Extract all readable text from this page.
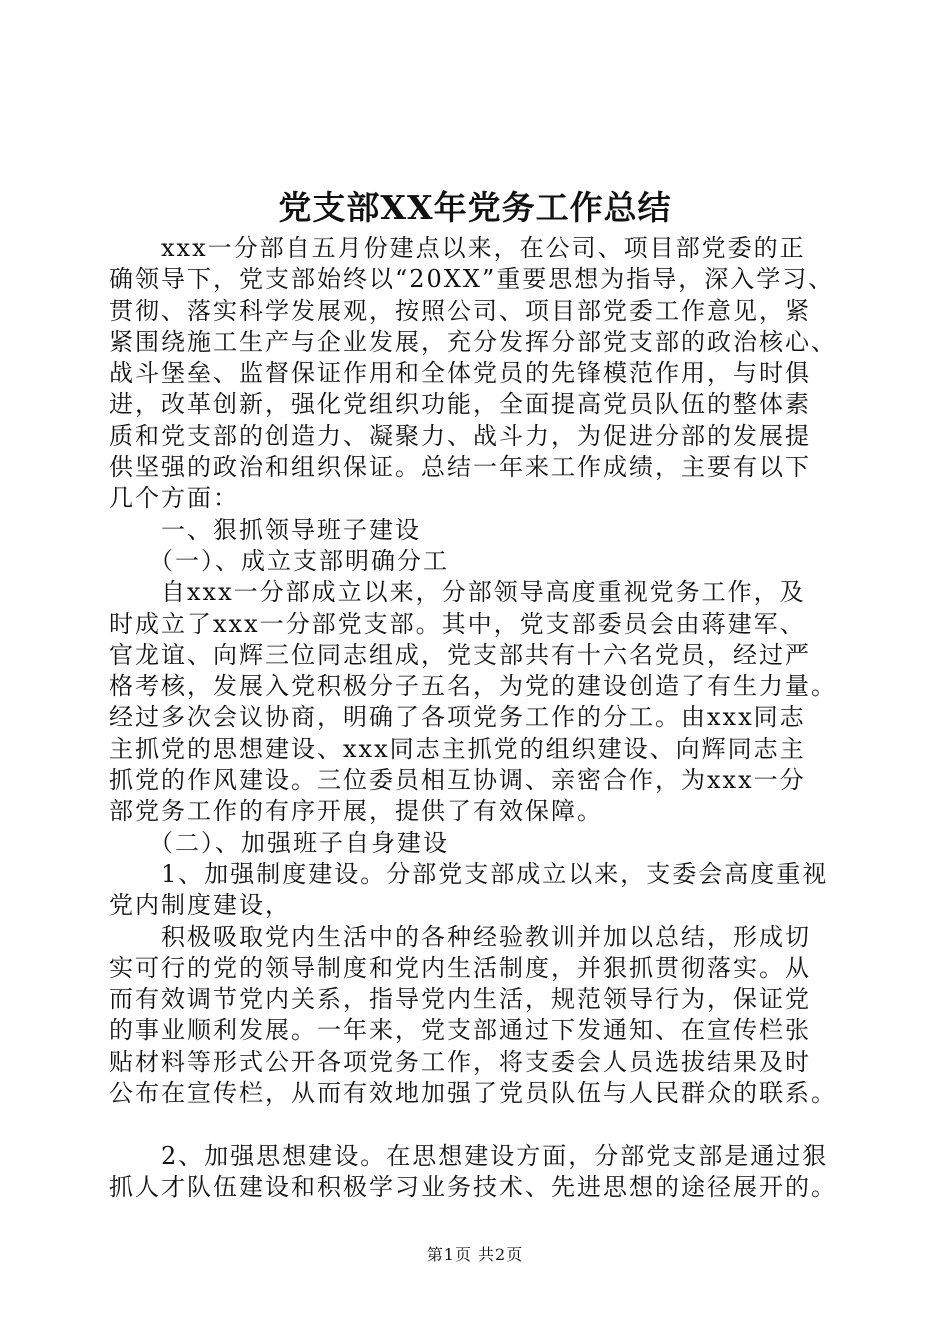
党支部XX年党务工作总结
　　xxx一分部自五月份建点以来，在公司、项目部党委的正
确领导下，党支部始终以“20XX”重要思想为指导，深入学习、
贯彻、落实科学发展观，按照公司、项目部党委工作意见，紧
紧围绕施工生产与企业发展，充分发挥分部党支部的政治核心、
战斗堡垒、监督保证作用和全体党员的先锋模范作用，与时俱
进，改革创新，强化党组织功能，全面提高党员队伍的整体素
质和党支部的创造力、凝聚力、战斗力，为促进分部的发展提
供坚强的政治和组织保证。总结一年来工作成绩，主要有以下
几个方面：
　　一、狠抓领导班子建设
　　（一）、成立支部明确分工
　　自xxx一分部成立以来，分部领导高度重视党务工作，及
时成立了xxx一分部党支部。其中，党支部委员会由蒋建军、
官龙谊、向辉三位同志组成，党支部共有十六名党员，经过严
格考核，发展入党积极分子五名，为党的建设创造了有生力量。
经过多次会议协商，明确了各项党务工作的分工。由xxx同志
主抓党的思想建设、xxx同志主抓党的组织建设、向辉同志主
抓党的作风建设。三位委员相互协调、亲密合作，为xxx一分
部党务工作的有序开展，提供了有效保障。
　　（二）、加强班子自身建设
　　1、加强制度建设。分部党支部成立以来，支委会高度重视
党内制度建设，
　　积极吸取党内生活中的各种经验教训并加以总结，形成切
实可行的党的领导制度和党内生活制度，并狠抓贯彻落实。从
而有效调节党内关系，指导党内生活，规范领导行为，保证党
的事业顺利发展。一年来，党支部通过下发通知、在宣传栏张
贴材料等形式公开各项党务工作，将支委会人员选拔结果及时
公布在宣传栏，从而有效地加强了党员队伍与人民群众的联系。
　　2、加强思想建设。在思想建设方面，分部党支部是通过狠
抓人才队伍建设和积极学习业务技术、先进思想的途径展开的。
第1页 共2页
